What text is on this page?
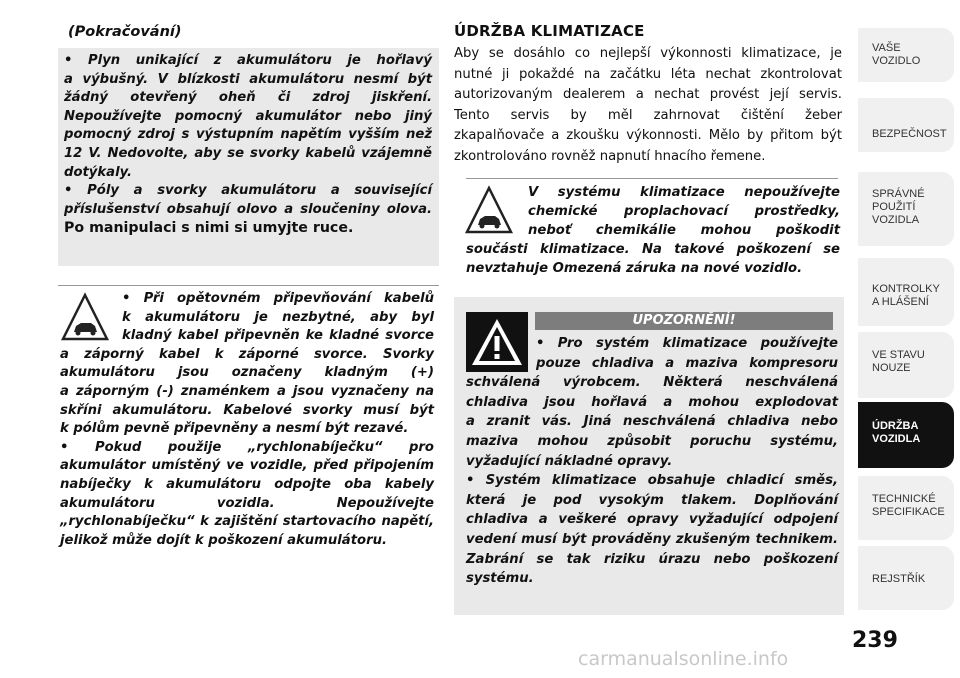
(Pokračování)
• Plyn unikající z akumulátoru je hořlavý
a výbušný. V blízkosti akumulátoru nesmí být
žádný otevřený oheň či zdroj jiskření.
Nepoužívejte pomocný akumulátor nebo jiný
pomocný zdroj s výstupním napětím vyšším než
12 V. Nedovolte, aby se svorky kabelů vzájemně
dotýkaly.
• Póly a svorky akumulátoru a související
příslušenství obsahují olovo a sloučeniny olova.
Po manipulaci s nimi si umyjte ruce.
• Při opětovném připevňování kabelů
k akumulátoru je nezbytné, aby byl
kladný kabel připevněn ke kladné svorce
a záporný kabel k záporné svorce. Svorky
akumulátoru jsou označeny kladným (+)
a záporným (-) znaménkem a jsou vyznačeny na
skříni akumulátoru. Kabelové svorky musí být
k pólům pevně připevněny a nesmí být rezavé.
• Pokud použije „rychlonabíječku“ pro
akumulátor umístěný ve vozidle, před připojením
nabíječky k akumulátoru odpojte oba kabely
akumulátoru vozidla. Nepoužívejte
„rychlonabíječku“ k zajištění startovacího napětí,
jelikož může dojít k poškození akumulátoru.
ÚDRŽBA KLIMATIZACE
Aby se dosáhlo co nejlepší výkonnosti klimatizace, je
nutné ji pokaždé na začátku léta nechat zkontrolovat
autorizovaným dealerem a nechat provést její servis.
Tento servis by měl zahrnovat čištění žeber
zkapalňovače a zkoušku výkonnosti. Mělo by přitom být
zkontrolováno rovněž napnutí hnacího řemene.
V systému klimatizace nepoužívejte
chemické proplachovací prostředky,
neboť chemikálie mohou poškodit
součásti klimatizace. Na takové poškození se
nevztahuje Omezená záruka na nové vozidlo.
UPOZORNĚNÍ!
• Pro systém klimatizace používejte
pouze chladiva a maziva kompresoru
schválená výrobcem. Některá neschválená
chladiva jsou hořlavá a mohou explodovat
a zranit vás. Jiná neschválená chladiva nebo
maziva mohou způsobit poruchu systému,
vyžadující nákladné opravy.
• Systém klimatizace obsahuje chladicí směs,
která je pod vysokým tlakem. Doplňování
chladiva a veškeré opravy vyžadující odpojení
vedení musí být prováděny zkušeným technikem.
Zabrání se tak riziku úrazu nebo poškození
systému.
VAŠE
VOZIDLO
BEZPEČNOST
SPRÁVNÉ
POUŽITÍ
VOZIDLA
KONTROLKY
A HLÁŠENÍ
VE STAVU
NOUZE
ÚDRŽBA
VOZIDLA
TECHNICKÉ
SPECIFIKACE
REJSTŘÍK
239
carmanualsonline.info
